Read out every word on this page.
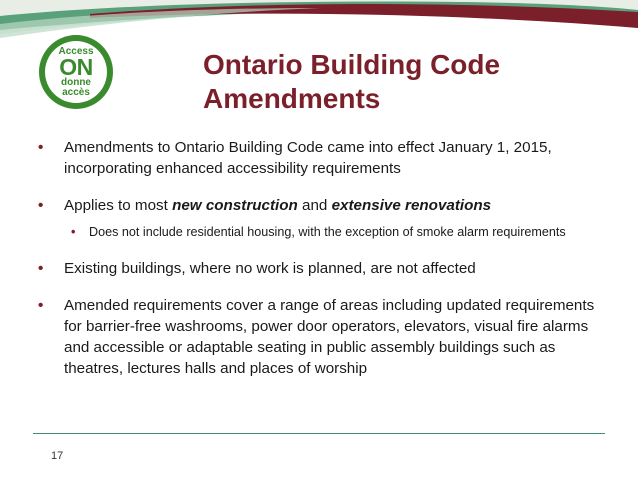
Access
ON
donne
accès
Ontario Building Code
Amendments
• Amendments to Ontario Building Code came into effect January 1, 2015, incorporating enhanced accessibility requirements
• Applies to most new construction and extensive renovations
• Does not include residential housing, with the exception of smoke alarm requirements
• Existing buildings, where no work is planned, are not affected
• Amended requirements cover a range of areas including updated requirements for barrier-free washrooms, power door operators, elevators, visual fire alarms and accessible or adaptable seating in public assembly buildings such as theatres, lectures halls and places of worship
17
